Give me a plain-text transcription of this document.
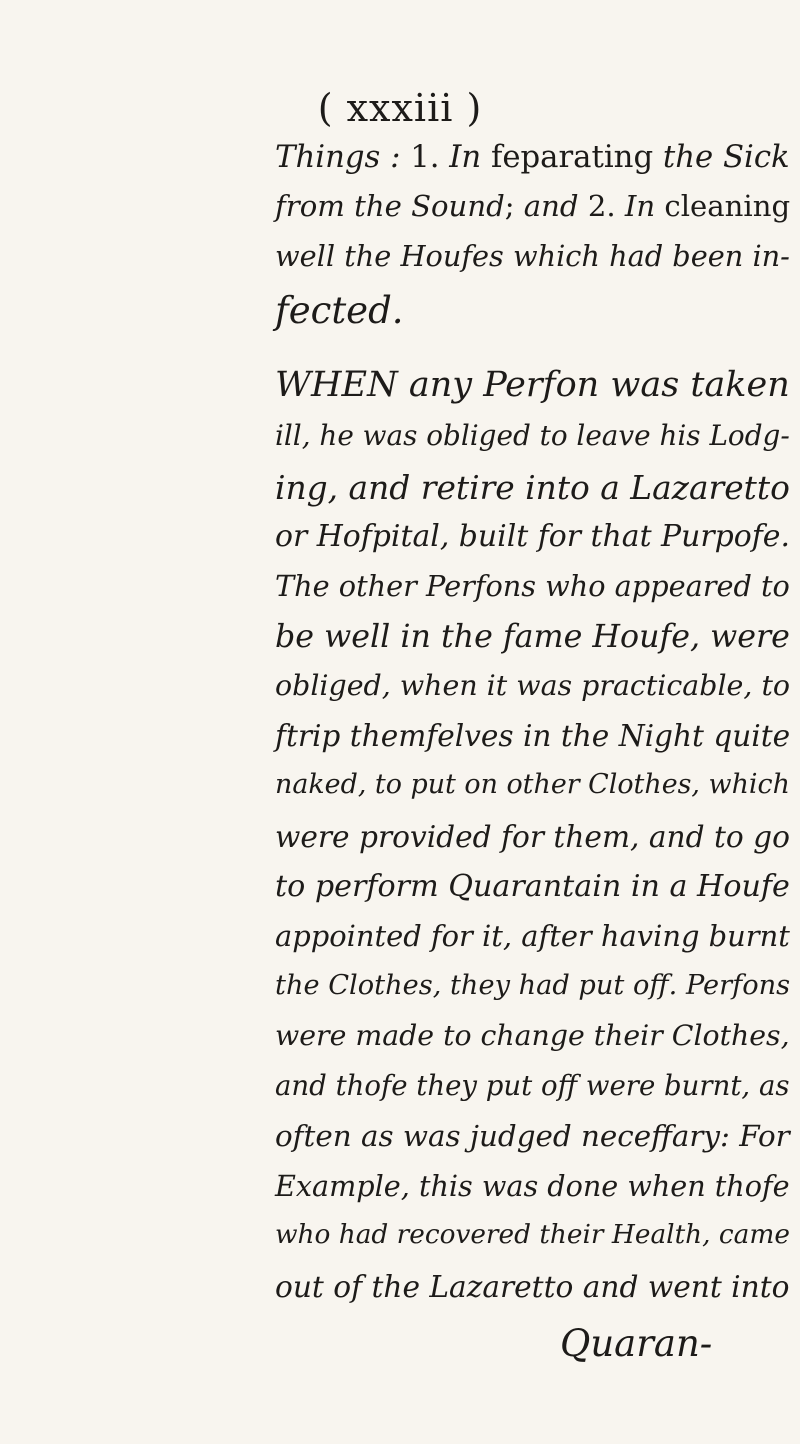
( xxxiii )
Things : 1. In feparating the Sick
from the Sound; and 2. In cleaning
well the Houfes which had been in-
fected.
WHEN any Perfon was taken
ill, he was obliged to leave his Lodg-
ing, and retire into a Lazaretto
or Hofpital, built for that Purpofe.
The other Perfons who appeared to
be well in the fame Houfe, were
obliged, when it was practicable, to
ftrip themfelves in the Night quite
naked, to put on other Clothes, which
were provided for them, and to go
to perform Quarantain in a Houfe
appointed for it, after having burnt
the Clothes, they had put off. Perfons
were made to change their Clothes,
and thofe they put off were burnt, as
often as was judged neceffary: For
Example, this was done when thofe
who had recovered their Health, came
out of the Lazaretto and went into
Quaran-
